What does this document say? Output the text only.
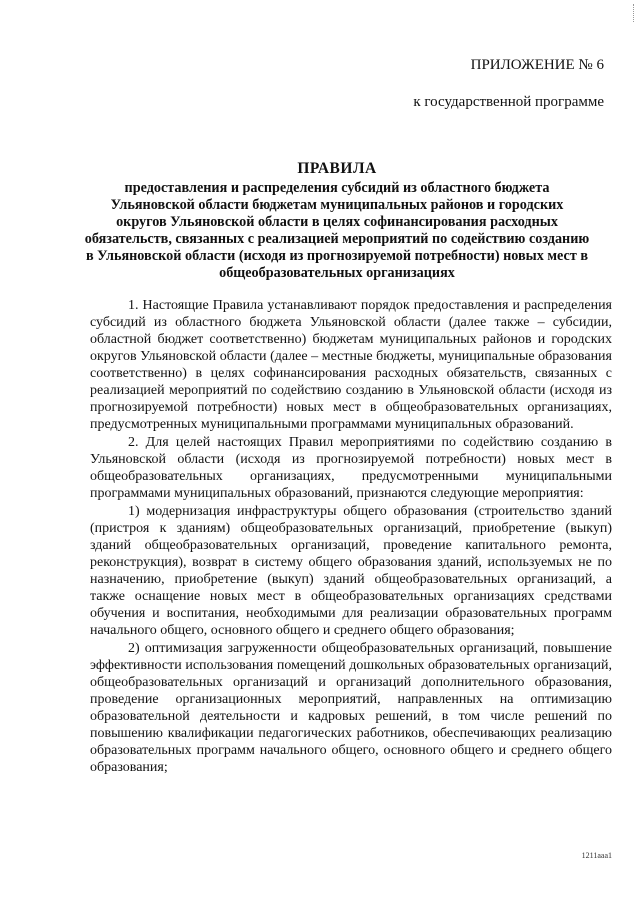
ПРИЛОЖЕНИЕ № 6
к государственной программе
ПРАВИЛА
предоставления и распределения субсидий из областного бюджета Ульяновской области бюджетам муниципальных районов и городских округов Ульяновской области в целях софинансирования расходных обязательств, связанных с реализацией мероприятий по содействию созданию в Ульяновской области (исходя из прогнозируемой потребности) новых мест в общеобразовательных организациях

1. Настоящие Правила устанавливают порядок предоставления и распределения субсидий из областного бюджета Ульяновской области (далее также – субсидии, областной бюджет соответственно) бюджетам муниципальных районов и городских округов Ульяновской области (далее – местные бюджеты, муниципальные образования соответственно) в целях софинансирования расходных обязательств, связанных с реализацией мероприятий по содействию созданию в Ульяновской области (исходя из прогнозируемой потребности) новых мест в общеобразовательных организациях, предусмотренных муниципальными программами муниципальных образований.

2. Для целей настоящих Правил мероприятиями по содействию созданию в Ульяновской области (исходя из прогнозируемой потребности) новых мест в общеобразовательных организациях, предусмотренными муниципальными программами муниципальных образований, признаются следующие мероприятия:

1) модернизация инфраструктуры общего образования (строительство зданий (пристроя к зданиям) общеобразовательных организаций, приобретение (выкуп) зданий общеобразовательных организаций, проведение капитального ремонта, реконструкция), возврат в систему общего образования зданий, используемых не по назначению, приобретение (выкуп) зданий общеобразовательных организаций, а также оснащение новых мест в общеобразовательных организациях средствами обучения и воспитания, необходимыми для реализации образовательных программ начального общего, основного общего и среднего общего образования;

2) оптимизация загруженности общеобразовательных организаций, повышение эффективности использования помещений дошкольных образовательных организаций, общеобразовательных организаций и организаций дополнительного образования, проведение организационных мероприятий, направленных на оптимизацию образовательной деятельности и кадровых решений, в том числе решений по повышению квалификации педагогических работников, обеспечивающих реализацию образовательных программ начального общего, основного общего и среднего общего образования;

1211ааа1
